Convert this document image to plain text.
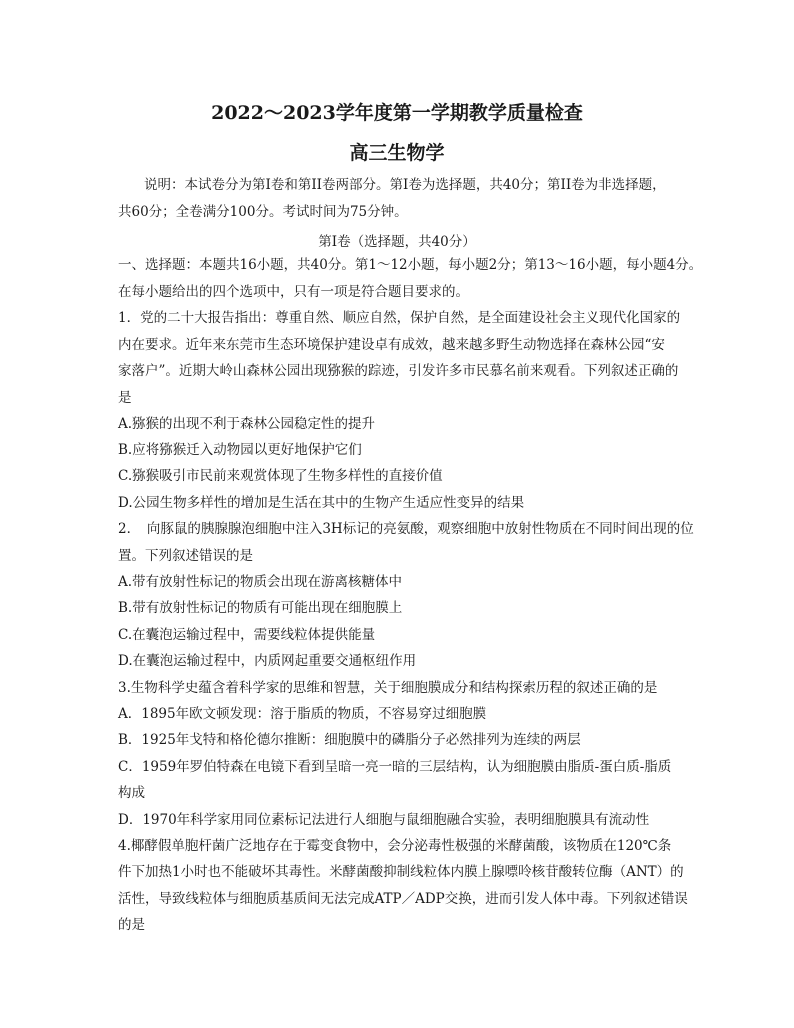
2022～2023学年度第一学期教学质量检查
高三生物学
说明：本试卷分为第I卷和第II卷两部分。第I卷为选择题，共40分；第II卷为非选择题，
共60分；全卷满分100分。考试时间为75分钟。
第I卷（选择题，共40分）
一、选择题：本题共16小题，共40分。第1～12小题，每小题2分；第13～16小题，每小题4分。
在每小题给出的四个选项中，只有一项是符合题目要求的。
1．党的二十大报告指出：尊重自然、顺应自然，保护自然，是全面建设社会主义现代化国家的
内在要求。近年来东莞市生态环境保护建设卓有成效，越来越多野生动物选择在森林公园“安
家落户”。近期大岭山森林公园出现猕猴的踪迹，引发许多市民慕名前来观看。下列叙述正确的
是
A.猕猴的出现不利于森林公园稳定性的提升
B.应将猕猴迁入动物园以更好地保护它们
C.猕猴吸引市民前来观赏体现了生物多样性的直接价值
D.公园生物多样性的增加是生活在其中的生物产生适应性变异的结果
2．　向豚鼠的胰腺腺泡细胞中注入3H标记的亮氨酸，观察细胞中放射性物质在不同时间出现的位
置。下列叙述错误的是
A.带有放射性标记的物质会出现在游离核糖体中
B.带有放射性标记的物质有可能出现在细胞膜上
C.在囊泡运输过程中，需要线粒体提供能量
D.在囊泡运输过程中，内质网起重要交通枢纽作用
3.生物科学史蕴含着科学家的思维和智慧，关于细胞膜成分和结构探索历程的叙述正确的是
A．1895年欧文顿发现：溶于脂质的物质，不容易穿过细胞膜
B．1925年戈特和格伦德尔推断：细胞膜中的磷脂分子必然排列为连续的两层
C．1959年罗伯特森在电镜下看到呈暗一亮一暗的三层结构，认为细胞膜由脂质-蛋白质-脂质
构成
D．1970年科学家用同位素标记法进行人细胞与鼠细胞融合实验，表明细胞膜具有流动性
4.椰酵假单胞杆菌广泛地存在于霉变食物中，会分泌毒性极强的米酵菌酸，该物质在120℃条
件下加热1小时也不能破坏其毒性。米酵菌酸抑制线粒体内膜上腺嘌呤核苷酸转位酶（ANT）的
活性，导致线粒体与细胞质基质间无法完成ATP／ADP交换，进而引发人体中毒。下列叙述错误
的是
